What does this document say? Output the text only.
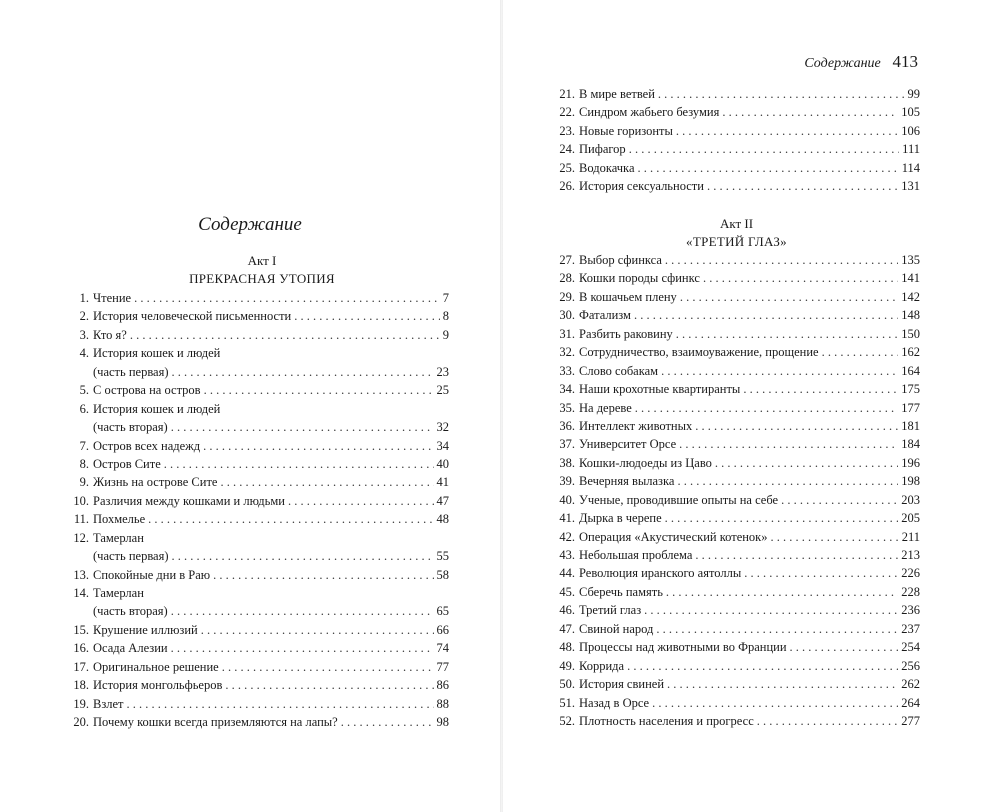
Содержание
Акт I
ПРЕКРАСНАЯ УТОПИЯ
1. Чтение . . .	7
2. История человеческой письменности . . .	8
3. Кто я? . . .	9
4. История кошек и людей
(часть первая) . . .	23
5. С острова на остров . . .	25
6. История кошек и людей
(часть вторая) . . .	32
7. Остров всех надежд . . .	34
8. Остров Сите . . .	40
9. Жизнь на острове Сите . . .	41
10. Различия между кошками и людьми . . .	47
11. Похмелье . . .	48
12. Тамерлан
(часть первая) . . .	55
13. Спокойные дни в Раю . . .	58
14. Тамерлан
(часть вторая) . . .	65
15. Крушение иллюзий . . .	66
16. Осада Алезии . . .	74
17. Оригинальное решение . . .	77
18. История монгольфьеров . . .	86
19. Взлет . . .	88
20. Почему кошки всегда приземляются на лапы? . . .	98
Содержание 413
21. В мире ветвей . . .	99
22. Синдром жабьего безумия . . .	105
23. Новые горизонты . . .	106
24. Пифагор . . .	111
25. Водокачка . . .	114
26. История сексуальности . . .	131
Акт II
«ТРЕТИЙ ГЛАЗ»
27. Выбор сфинкса . . .	135
28. Кошки породы сфинкс . . .	141
29. В кошачьем плену . . .	142
30. Фатализм . . .	148
31. Разбить раковину . . .	150
32. Сотрудничество, взаимоуважение, прощение . . .	162
33. Слово собакам . . .	164
34. Наши крохотные квартиранты . . .	175
35. На дереве . . .	177
36. Интеллект животных . . .	181
37. Университет Орсе . . .	184
38. Кошки-людоеды из Цаво . . .	196
39. Вечерняя вылазка . . .	198
40. Ученые, проводившие опыты на себе . . .	203
41. Дырка в черепе . . .	205
42. Операция «Акустический котенок» . . .	211
43. Небольшая проблема . . .	213
44. Революция иранского аятоллы . . .	226
45. Сберечь память . . .	228
46. Третий глаз . . .	236
47. Свиной народ . . .	237
48. Процессы над животными во Франции . . .	254
49. Коррида . . .	256
50. История свиней . . .	262
51. Назад в Орсе . . .	264
52. Плотность населения и прогресс . . .	277
